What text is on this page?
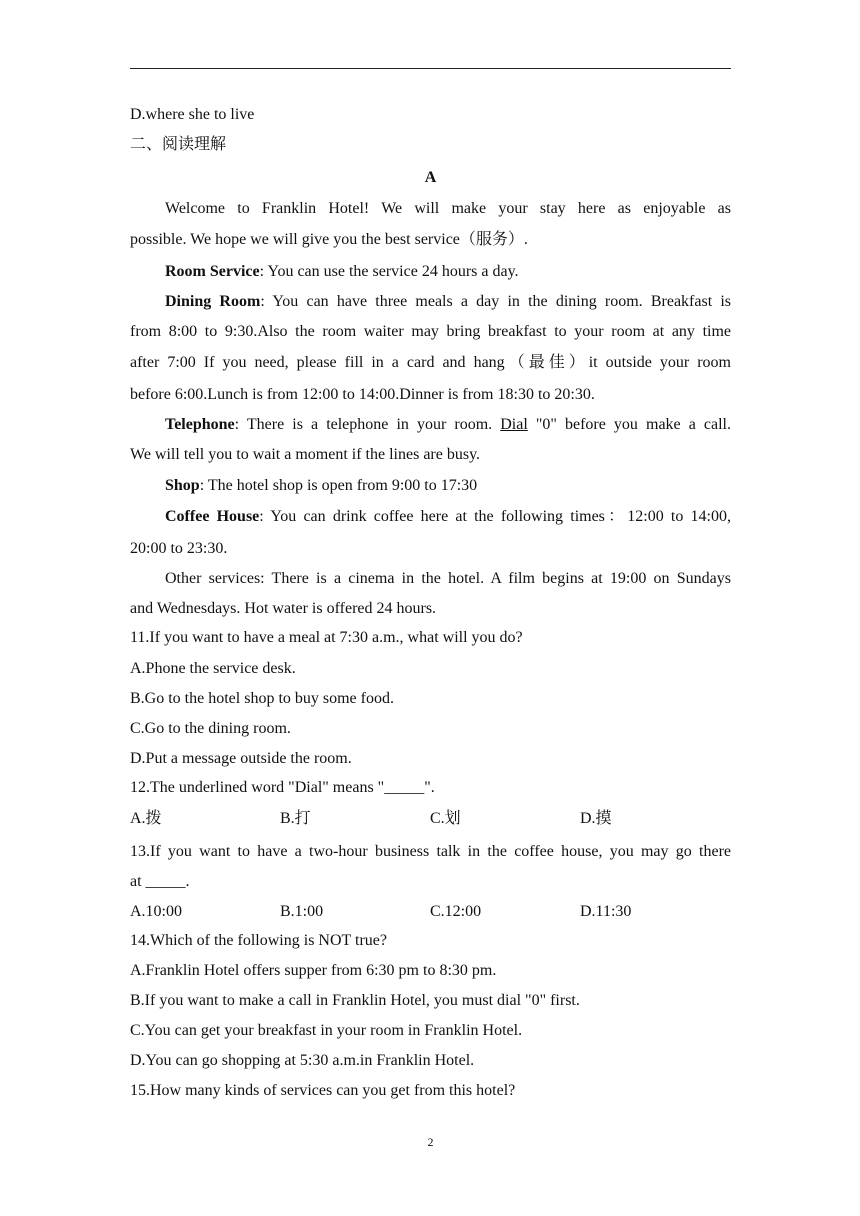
D.where she to live
二、阅读理解
A
Welcome to Franklin Hotel! We will make your stay here as enjoyable as
possible. We hope we will give you the best service（服务）.
Room Service: You can use the service 24 hours a day.
Dining Room: You can have three meals a day in the dining room. Breakfast is
from 8:00 to 9:30.Also the room waiter may bring breakfast to your room at any time
after 7:00 If you need, please fill in a card and hang（最佳）it outside your room
before 6:00.Lunch is from 12:00 to 14:00.Dinner is from 18:30 to 20:30.
Telephone: There is a telephone in your room. Dial "0" before you make a call.
We will tell you to wait a moment if the lines are busy.
Shop: The hotel shop is open from 9:00 to 17:30
Coffee House: You can drink coffee here at the following times：12:00 to 14:00,
20:00 to 23:30.
Other services: There is a cinema in the hotel. A film begins at 19:00 on Sundays
and Wednesdays. Hot water is offered 24 hours.
11.If you want to have a meal at 7:30 a.m., what will you do?
A.Phone the service desk.
B.Go to the hotel shop to buy some food.
C.Go to the dining room.
D.Put a message outside the room.
12.The underlined word "Dial" means "_____".
A.拨	B.打	C.划	D.摸
13.If you want to have a two-hour business talk in the coffee house, you may go there
at _____.
A.10:00	B.1:00	C.12:00	D.11:30
14.Which of the following is NOT true?
A.Franklin Hotel offers supper from 6:30 pm to 8:30 pm.
B.If you want to make a call in Franklin Hotel, you must dial "0" first.
C.You can get your breakfast in your room in Franklin Hotel.
D.You can go shopping at 5:30 a.m.in Franklin Hotel.
15.How many kinds of services can you get from this hotel?
2
